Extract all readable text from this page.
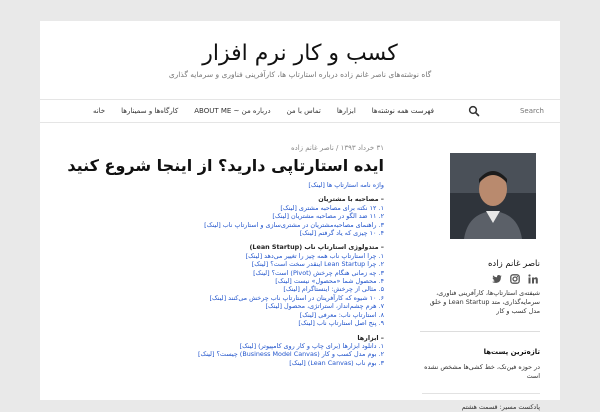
کسب و کار نرم افزار
گاه نوشته‌های ناصر غانم زاده درباره استارتاپ ها، کارآفرینی فناوری و سرمایه گذاری
خانه کارگاه‌ها و سمینارها درباره من ~ ABOUT ME تماس با من ابزارها فهرست همه نوشته‌ها
Search
۳۱ خرداد ۱۳۹۳ / ناصر غانم زاده
ایده استارتاپی دارید؟ از اینجا شروع کنید
واژه نامه استارتاپ ها [لینک]
– مصاحبه با مشتریان
۱. ۱۲ نکته برای مصاحبه مشتری [لینک]
۲. ۱۱ ضد الگو در مصاحبه مشتریان [لینک]
۳. راهنمای مصاحبه‌مشتریان در مشتری‌سازی و استارتاپ ناب [لینک]
۴. ۱۰ چیزی که یاد گرفتم [لینک]
– متدولوژی استارتاپ ناب (Lean Startup)
۱. چرا استارتاپ ناب همه چیز را تغییر می‌دهد [لینک]
۲. چرا Lean Startup اینقدر سخت است؟ [لینک]
۳. چه زمانی هنگام چرخش (Pivot) است؟ [لینک]
۴. محصول شما «محصول» نیست [لینک]
۵. مثالی از چرخش: اینستاگرام [لینک]
۶. ۱۰ شیوه که کارآفرینان در استارتاپ ناب چرخش می‌کنند [لینک]
۷. هرم چشم‌انداز، استراتژی، محصول [لینک]
۸. استارتاپ ناب: معرفی [لینک]
۹. پنج اصل استارتاپ ناب [لینک]
– ابزارها
۱. دانلود ابزارها (برای چاپ و کار روی کامپیوتر) [لینک]
۲. بوم مدل کسب و کار (Business Model Canvas) چیست؟ [لینک]
۳. بوم ناب (Lean Canvas) [لینک]
ناصر غانم زاده
شیفته‌ی استارتاپ‌ها، کارآفرینی فناوری، سرمایه‌گذاری، متد Lean Startup و خلق مدل کسب و کار
تازه‌ترین پست‌ها
در حوزه فین‌تک، خط کشی‌ها مشخص نشده است
پادکست مسیر: قسمت هشتم
